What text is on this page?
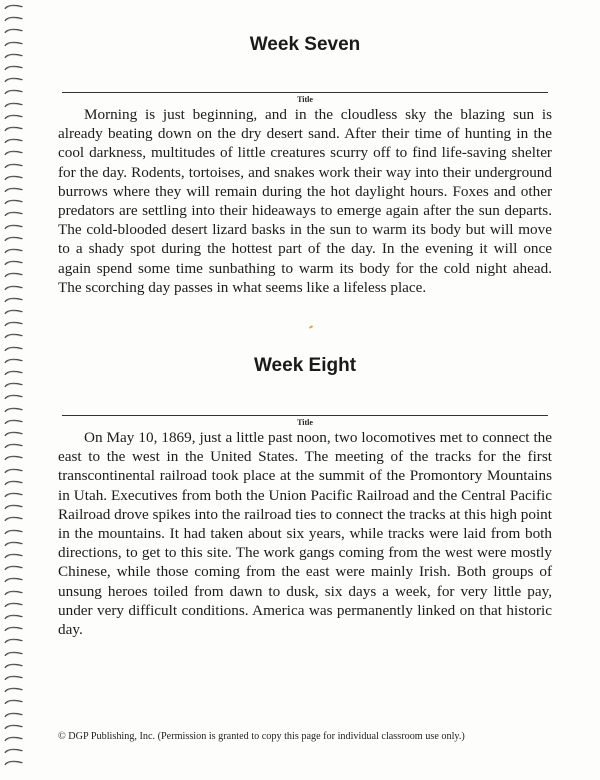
Week Seven
Title

Morning is just beginning, and in the cloudless sky the blazing sun is already beating down on the dry desert sand. After their time of hunting in the cool darkness, multitudes of little creatures scurry off to find life-saving shelter for the day. Rodents, tortoises, and snakes work their way into their underground burrows where they will remain during the hot daylight hours. Foxes and other predators are settling into their hideaways to emerge again after the sun departs. The cold-blooded desert lizard basks in the sun to warm its body but will move to a shady spot during the hottest part of the day. In the evening it will once again spend some time sunbathing to warm its body for the cold night ahead. The scorching day passes in what seems like a lifeless place.

Week Eight
Title

On May 10, 1869, just a little past noon, two locomotives met to connect the east to the west in the United States. The meeting of the tracks for the first transcontinental railroad took place at the summit of the Promontory Mountains in Utah. Executives from both the Union Pacific Railroad and the Central Pacific Railroad drove spikes into the railroad ties to connect the tracks at this high point in the mountains. It had taken about six years, while tracks were laid from both directions, to get to this site. The work gangs coming from the west were mostly Chinese, while those coming from the east were mainly Irish. Both groups of unsung heroes toiled from dawn to dusk, six days a week, for very little pay, under very difficult conditions. America was permanently linked on that historic day.

© DGP Publishing, Inc. (Permission is granted to copy this page for individual classroom use only.)
